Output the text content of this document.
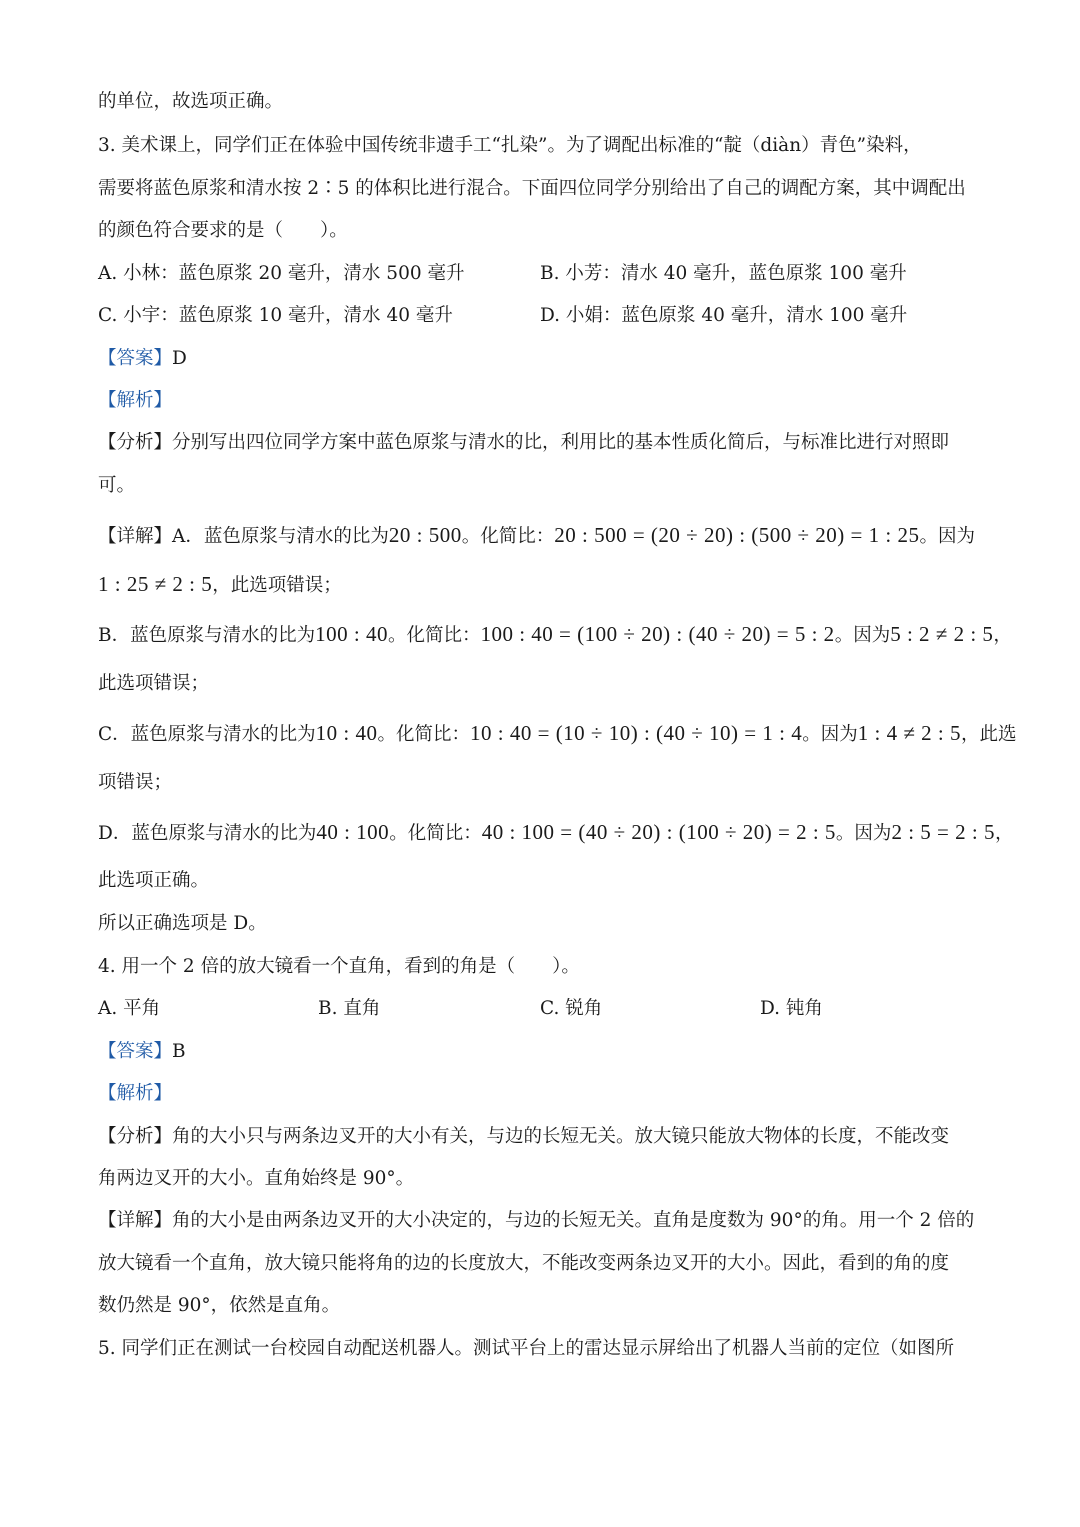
的单位，故选项正确。
3. 美术课上，同学们正在体验中国传统非遗手工“扎染”。为了调配出标准的“靛（diàn）青色”染料，
需要将蓝色原浆和清水按 2∶5 的体积比进行混合。下面四位同学分别给出了自己的调配方案，其中调配出
的颜色符合要求的是（　　）。
A. 小林：蓝色原浆 20 毫升，清水 500 毫升	B. 小芳：清水 40 毫升，蓝色原浆 100 毫升
C. 小宇：蓝色原浆 10 毫升，清水 40 毫升	D. 小娟：蓝色原浆 40 毫升，清水 100 毫升
【答案】D
【解析】
【分析】分别写出四位同学方案中蓝色原浆与清水的比，利用比的基本性质化简后，与标准比进行对照即
可。
【详解】A．蓝色原浆与清水的比为20 : 500。化简比：20 : 500 = (20 ÷ 20) : (500 ÷ 20) = 1 : 25。因为
1 : 25 ≠ 2 : 5，此选项错误；
B．蓝色原浆与清水的比为100 : 40。化简比：100 : 40 = (100 ÷ 20) : (40 ÷ 20) = 5 : 2。因为5 : 2 ≠ 2 : 5，
此选项错误；
C．蓝色原浆与清水的比为10 : 40。化简比：10 : 40 = (10 ÷ 10) : (40 ÷ 10) = 1 : 4。因为1 : 4 ≠ 2 : 5，此选
项错误；
D．蓝色原浆与清水的比为40 : 100。化简比：40 : 100 = (40 ÷ 20) : (100 ÷ 20) = 2 : 5。因为2 : 5 = 2 : 5，
此选项正确。
所以正确选项是 D。
4. 用一个 2 倍的放大镜看一个直角，看到的角是（　　）。
A. 平角	B. 直角	C. 锐角	D. 钝角
【答案】B
【解析】
【分析】角的大小只与两条边叉开的大小有关，与边的长短无关。放大镜只能放大物体的长度，不能改变
角两边叉开的大小。直角始终是 90°。
【详解】角的大小是由两条边叉开的大小决定的，与边的长短无关。直角是度数为 90°的角。用一个 2 倍的
放大镜看一个直角，放大镜只能将角的边的长度放大，不能改变两条边叉开的大小。因此，看到的角的度
数仍然是 90°，依然是直角。
5. 同学们正在测试一台校园自动配送机器人。测试平台上的雷达显示屏给出了机器人当前的定位（如图所
